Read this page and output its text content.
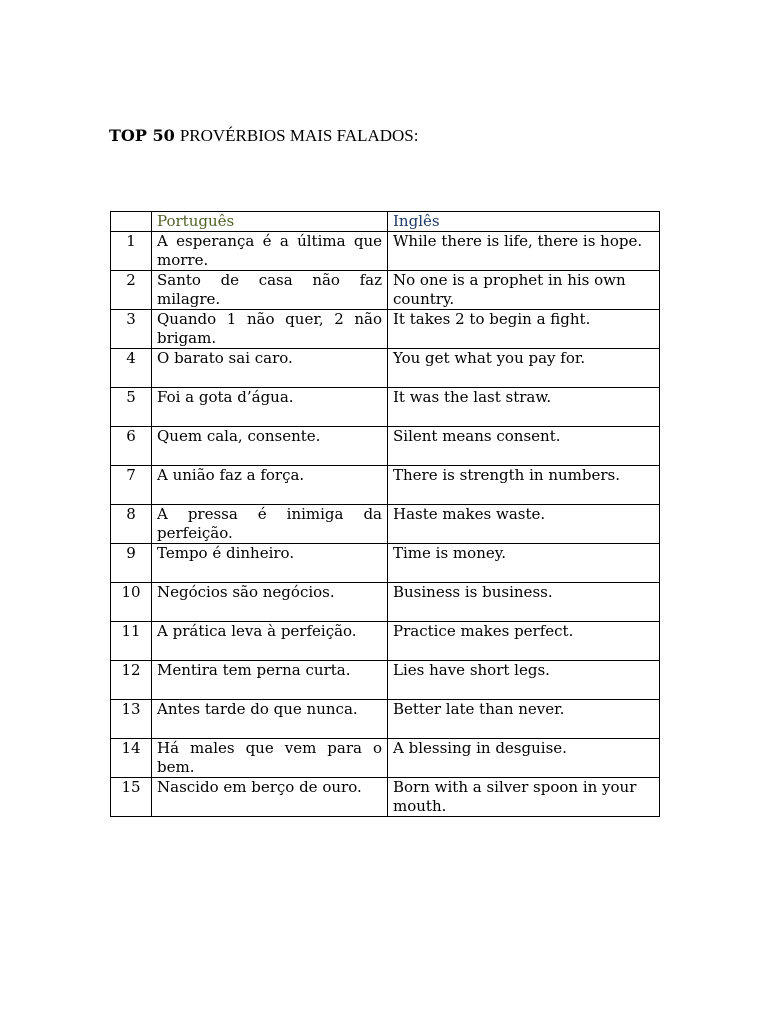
TOP 50 PROVÉRBIOS MAIS FALADOS:
	Português	Inglês
1	A esperança é a última que morre.	While there is life, there is hope.
2	Santo de casa não faz milagre.	No one is a prophet in his own country.
3	Quando 1 não quer, 2 não brigam.	It takes 2 to begin a fight.
4	O barato sai caro.	You get what you pay for.
5	Foi a gota d’água.	It was the last straw.
6	Quem cala, consente.	Silent means consent.
7	A união faz a força.	There is strength in numbers.
8	A pressa é inimiga da perfeição.	Haste makes waste.
9	Tempo é dinheiro.	Time is money.
10	Negócios são negócios.	Business is business.
11	A prática leva à perfeição.	Practice makes perfect.
12	Mentira tem perna curta.	Lies have short legs.
13	Antes tarde do que nunca.	Better late than never.
14	Há males que vem para o bem.	A blessing in desguise.
15	Nascido em berço de ouro.	Born with a silver spoon in your mouth.
